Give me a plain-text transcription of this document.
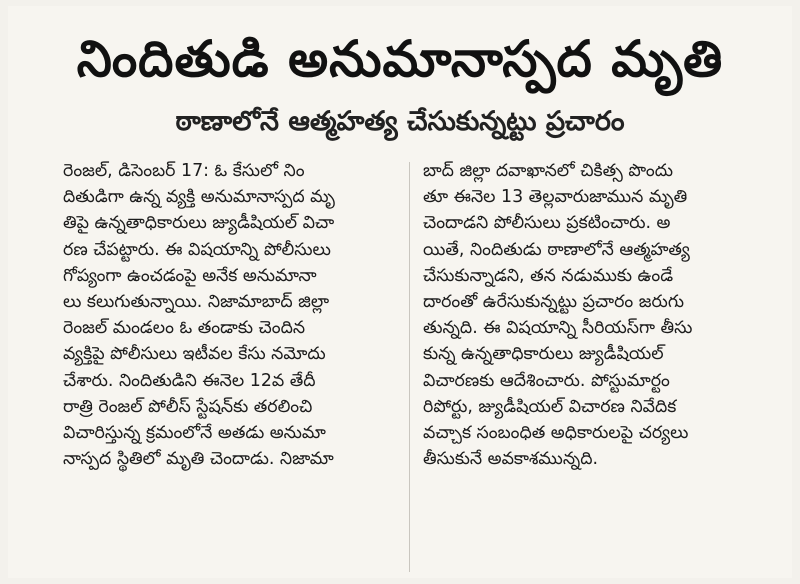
నిందితుడి అనుమానాస్పద మృతి
ఠాణాలోనే ఆత్మహత్య చేసుకున్నట్టు ప్రచారం
రెంజల్, డిసెంబర్ 17: ఓ కేసులో నిం
దితుడిగా ఉన్న వ్యక్తి అనుమానాస్పద మృ
తిపై ఉన్నతాధికారులు జ్యుడీషియల్ విచా
రణ చేపట్టారు. ఈ విషయాన్ని పోలీసులు
గోప్యంగా ఉంచడంపై అనేక అనుమానా
లు కలుగుతున్నాయి. నిజామాబాద్ జిల్లా
రెంజల్ మండలం ఓ తండాకు చెందిన
వ్యక్తిపై పోలీసులు ఇటీవల కేసు నమోదు
చేశారు. నిందితుడిని ఈనెల 12వ తేదీ
రాత్రి రెంజల్ పోలీస్ స్టేషన్‌కు తరలించి
విచారిస్తున్న క్రమంలోనే అతడు అనుమా
నాస్పద స్థితిలో మృతి చెందాడు. నిజామా
బాద్ జిల్లా దవాఖానలో చికిత్స పొందు
తూ ఈనెల 13 తెల్లవారుజామున మృతి
చెందాడని పోలీసులు ప్రకటించారు. అ
యితే, నిందితుడు ఠాణాలోనే ఆత్మహత్య
చేసుకున్నాడని, తన నడుముకు ఉండే
దారంతో ఉరేసుకున్నట్టు ప్రచారం జరుగు
తున్నది. ఈ విషయాన్ని సీరియస్‌గా తీసు
కున్న ఉన్నతాధికారులు జ్యుడీషియల్
విచారణకు ఆదేశించారు. పోస్టుమార్టం
రిపోర్టు, జ్యుడీషియల్ విచారణ నివేదిక
వచ్చాక సంబంధిత అధికారులపై చర్యలు
తీసుకునే అవకాశమున్నది.
